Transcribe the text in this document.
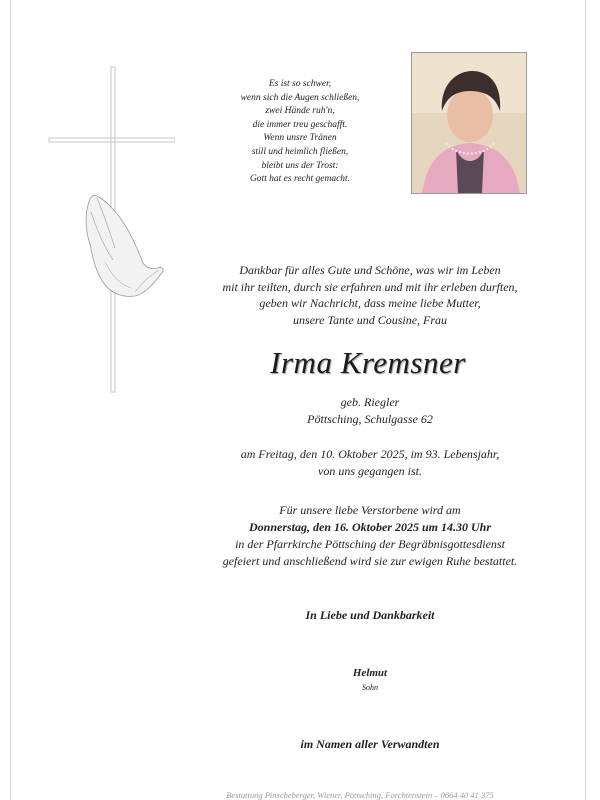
Es ist so schwer,
wenn sich die Augen schließen,
zwei Hände ruh'n,
die immer treu geschafft.
Wenn unsre Tränen
still und heimlich fließen,
bleibt uns der Trost:
Gott hat es recht gemacht.
Dankbar für alles Gute und Schöne, was wir im Leben
mit ihr teilten, durch sie erfahren und mit ihr erleben durften,
geben wir Nachricht, dass meine liebe Mutter,
unsere Tante und Cousine, Frau
Irma Kremsner
geb. Riegler
Pöttsching, Schulgasse 62
am Freitag, den 10. Oktober 2025, im 93. Lebensjahr,
von uns gegangen ist.
Für unsere liebe Verstorbene wird am
Donnerstag, den 16. Oktober 2025 um 14.30 Uhr
in der Pfarrkirche Pöttsching der Begräbnisgottesdienst
gefeiert und anschließend wird sie zur ewigen Ruhe bestattet.
In Liebe und Dankbarkeit
Helmut
Sohn
im Namen aller Verwandten
Bestattung Pinscheberger, Wiener, Pöttsching, Forchtenstein – 0664 40 41 375
